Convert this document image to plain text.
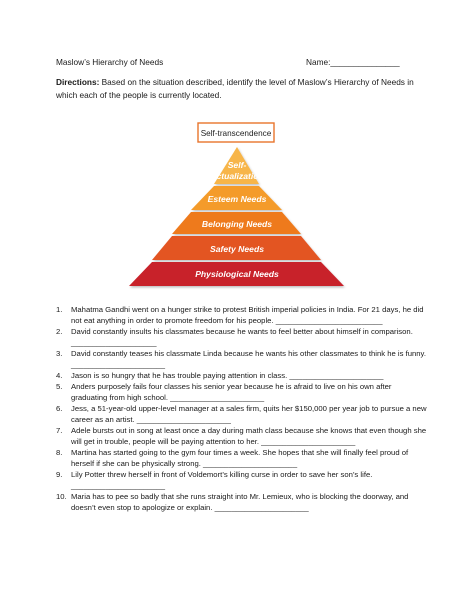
Maslow’s Hierarchy of Needs	Name:_______________
Directions: Based on the situation described, identify the level of Maslow’s Hierarchy of Needs in which each of the people is currently located.
Self-transcendence
Self-
Actualization
Esteem Needs
Belonging Needs
Safety Needs
Physiological Needs
1. Mahatma Gandhi went on a hunger strike to protest British imperial policies in India. For 21 days, he did not eat anything in order to promote freedom for his people. _________________________
2. David constantly insults his classmates because he wants to feel better about himself in comparison. ____________________
3. David constantly teases his classmate Linda because he wants his other classmates to think he is funny. ______________________
4. Jason is so hungry that he has trouble paying attention in class. ______________________
5. Anders purposely fails four classes his senior year because he is afraid to live on his own after graduating from high school. ______________________
6. Jess, a 51-year-old upper-level manager at a sales firm, quits her $150,000 per year job to pursue a new career as an artist. ______________________
7. Adele bursts out in song at least once a day during math class because she knows that even though she will get in trouble, people will be paying attention to her. ______________________
8. Martina has started going to the gym four times a week. She hopes that she will finally feel proud of herself if she can be physically strong. ______________________
9. Lily Potter threw herself in front of Voldemort’s killing curse in order to save her son’s life. ______________________
10. Maria has to pee so badly that she runs straight into Mr. Lemieux, who is blocking the doorway, and doesn’t even stop to apologize or explain. ______________________
